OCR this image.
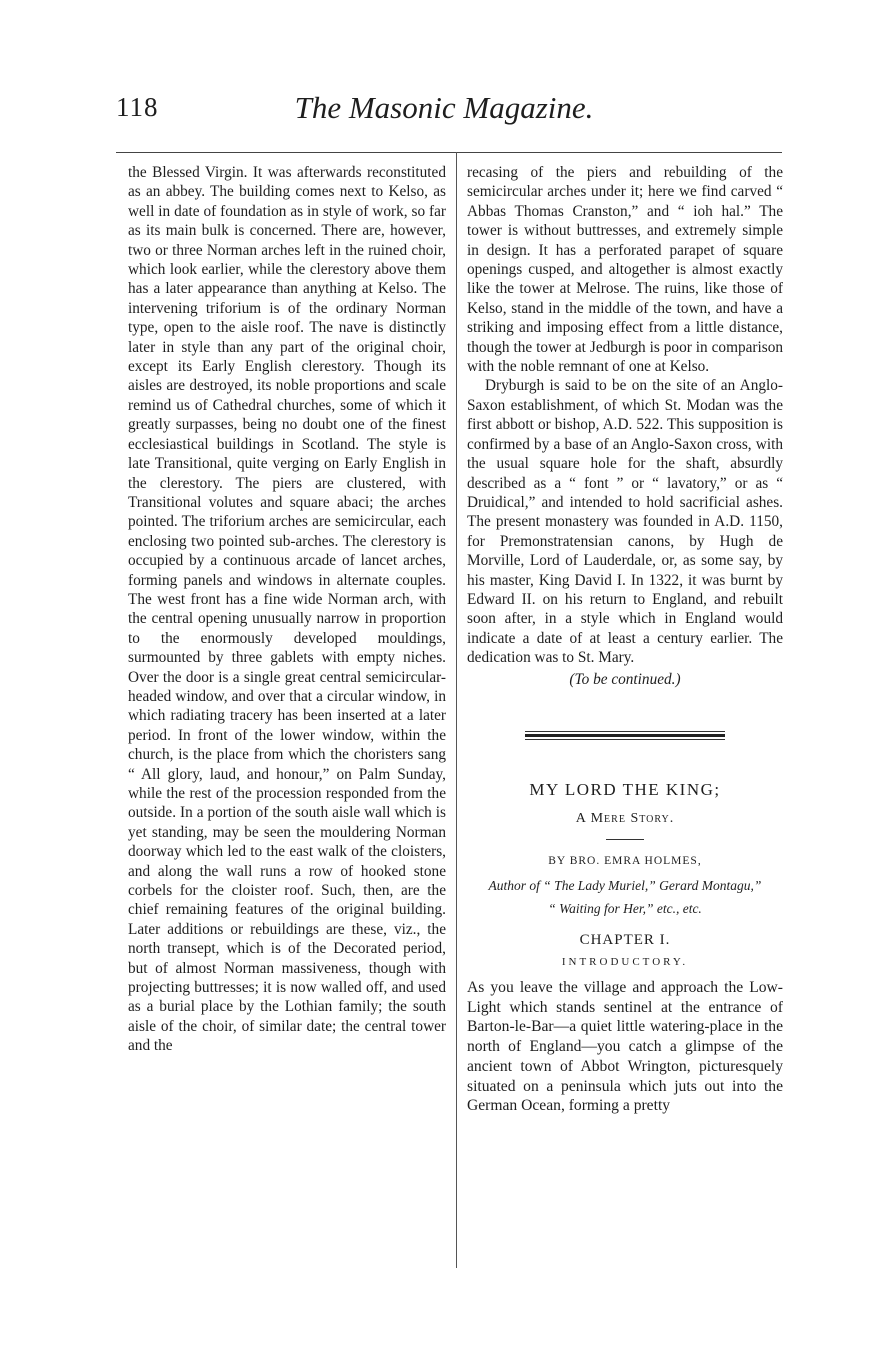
118	The Masonic Magazine.

the Blessed Virgin. It was afterwards reconstituted as an abbey. The building comes next to Kelso, as well in date of foundation as in style of work, so far as its main bulk is concerned. There are, however, two or three Norman arches left in the ruined choir, which look earlier, while the clerestory above them has a later appearance than anything at Kelso. The intervening triforium is of the ordinary Norman type, open to the aisle roof. The nave is distinctly later in style than any part of the original choir, except its Early English clerestory. Though its aisles are destroyed, its noble proportions and scale remind us of Cathedral churches, some of which it greatly surpasses, being no doubt one of the finest ecclesiastical buildings in Scotland. The style is late Transitional, quite verging on Early English in the clerestory. The piers are clustered, with Transitional volutes and square abaci; the arches pointed. The triforium arches are semicircular, each enclosing two pointed sub-arches. The clerestory is occupied by a continuous arcade of lancet arches, forming panels and windows in alternate couples. The west front has a fine wide Norman arch, with the central opening unusually narrow in proportion to the enormously developed mouldings, surmounted by three gablets with empty niches. Over the door is a single great central semicircular-headed window, and over that a circular window, in which radiating tracery has been inserted at a later period. In front of the lower window, within the church, is the place from which the choristers sang “ All glory, laud, and honour,” on Palm Sunday, while the rest of the procession responded from the outside. In a portion of the south aisle wall which is yet standing, may be seen the mouldering Norman doorway which led to the east walk of the cloisters, and along the wall runs a row of hooked stone corbels for the cloister roof. Such, then, are the chief remaining features of the original building. Later additions or rebuildings are these, viz., the north transept, which is of the Decorated period, but of almost Norman massiveness, though with projecting buttresses; it is now walled off, and used as a burial place by the Lothian family; the south aisle of the choir, of similar date; the central tower and the

recasing of the piers and rebuilding of the semicircular arches under it; here we find carved “ Abbas Thomas Cranston,” and “ ioh hal.” The tower is without buttresses, and extremely simple in design. It has a perforated parapet of square openings cusped, and altogether is almost exactly like the tower at Melrose. The ruins, like those of Kelso, stand in the middle of the town, and have a striking and imposing effect from a little distance, though the tower at Jedburgh is poor in comparison with the noble remnant of one at Kelso.

Dryburgh is said to be on the site of an Anglo-Saxon establishment, of which St. Modan was the first abbott or bishop, A.D. 522. This supposition is confirmed by a base of an Anglo-Saxon cross, with the usual square hole for the shaft, absurdly described as a “ font ” or “ lavatory,” or as “ Druidical,” and intended to hold sacrificial ashes. The present monastery was founded in A.D. 1150, for Premonstratensian canons, by Hugh de Morville, Lord of Lauderdale, or, as some say, by his master, King David I. In 1322, it was burnt by Edward II. on his return to England, and rebuilt soon after, in a style which in England would indicate a date of at least a century earlier. The dedication was to St. Mary.

(To be continued.)

MY LORD THE KING;

A Mere Story.

BY BRO. EMRA HOLMES,

Author of “ The Lady Muriel,” Gerard Montagu,”

“ Waiting for Her,” etc., etc.

CHAPTER I.

INTRODUCTORY.

As you leave the village and approach the Low-Light which stands sentinel at the entrance of Barton-le-Bar—a quiet little watering-place in the north of England—you catch a glimpse of the ancient town of Abbot Wrington, picturesquely situated on a peninsula which juts out into the German Ocean, forming a pretty
